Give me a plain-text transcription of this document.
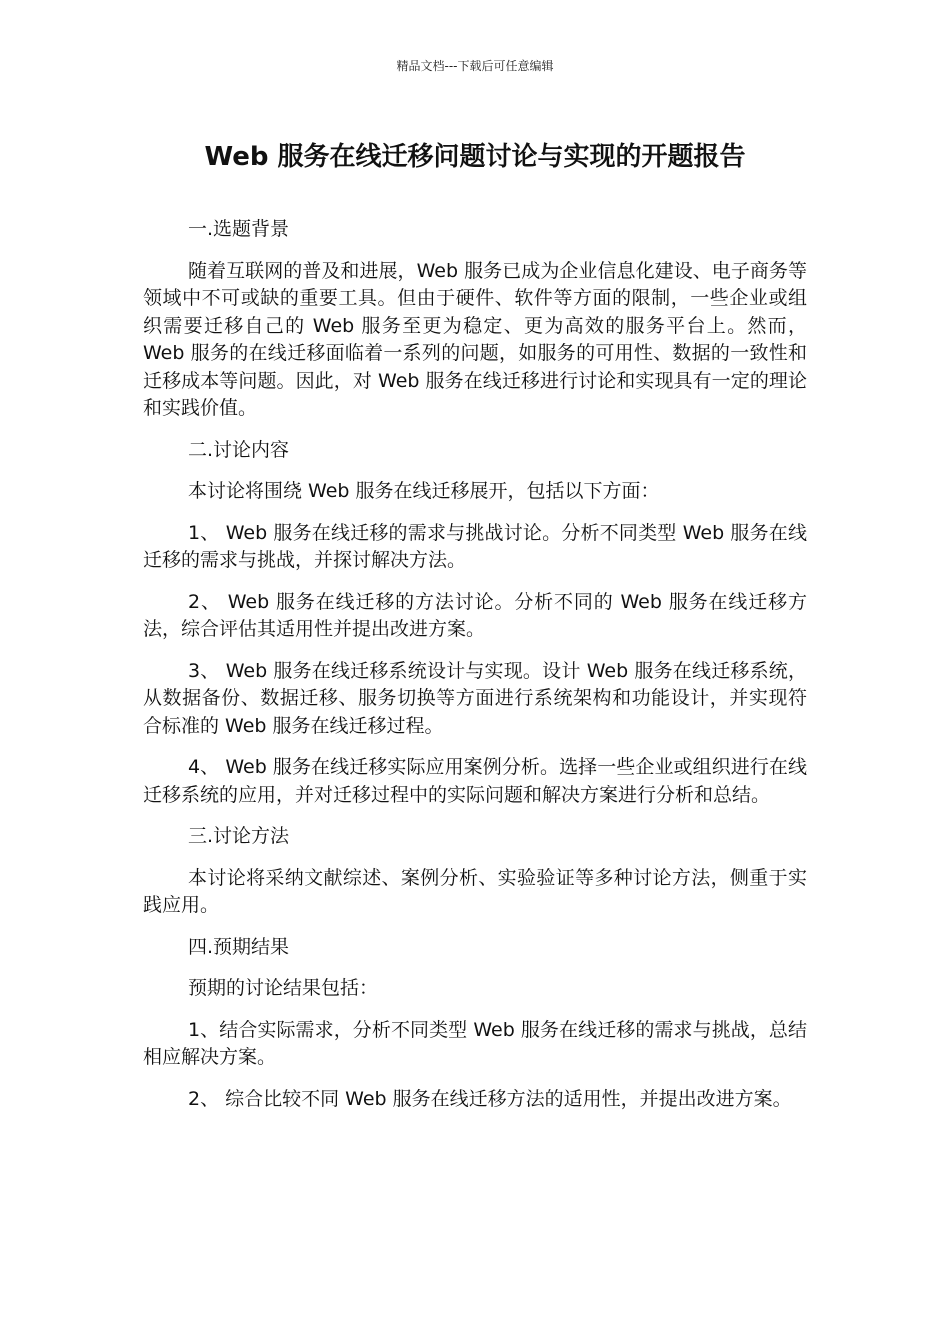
精品文档---下载后可任意编辑
Web 服务在线迁移问题讨论与实现的开题报告

一.选题背景

随着互联网的普及和进展，Web 服务已成为企业信息化建设、电子商务等领域中不可或缺的重要工具。但由于硬件、软件等方面的限制，一些企业或组织需要迁移自己的 Web 服务至更为稳定、更为高效的服务平台上。然而，Web 服务的在线迁移面临着一系列的问题，如服务的可用性、数据的一致性和迁移成本等问题。因此，对 Web 服务在线迁移进行讨论和实现具有一定的理论和实践价值。

二.讨论内容

本讨论将围绕 Web 服务在线迁移展开，包括以下方面：

1、 Web 服务在线迁移的需求与挑战讨论。分析不同类型 Web 服务在线迁移的需求与挑战，并探讨解决方法。

2、 Web 服务在线迁移的方法讨论。分析不同的 Web 服务在线迁移方法，综合评估其适用性并提出改进方案。

3、 Web 服务在线迁移系统设计与实现。设计 Web 服务在线迁移系统，从数据备份、数据迁移、服务切换等方面进行系统架构和功能设计，并实现符合标准的 Web 服务在线迁移过程。

4、 Web 服务在线迁移实际应用案例分析。选择一些企业或组织进行在线迁移系统的应用，并对迁移过程中的实际问题和解决方案进行分析和总结。

三.讨论方法

本讨论将采纳文献综述、案例分析、实验验证等多种讨论方法，侧重于实践应用。

四.预期结果

预期的讨论结果包括：

1、结合实际需求，分析不同类型 Web 服务在线迁移的需求与挑战，总结相应解决方案。

2、 综合比较不同 Web 服务在线迁移方法的适用性，并提出改进方案。
